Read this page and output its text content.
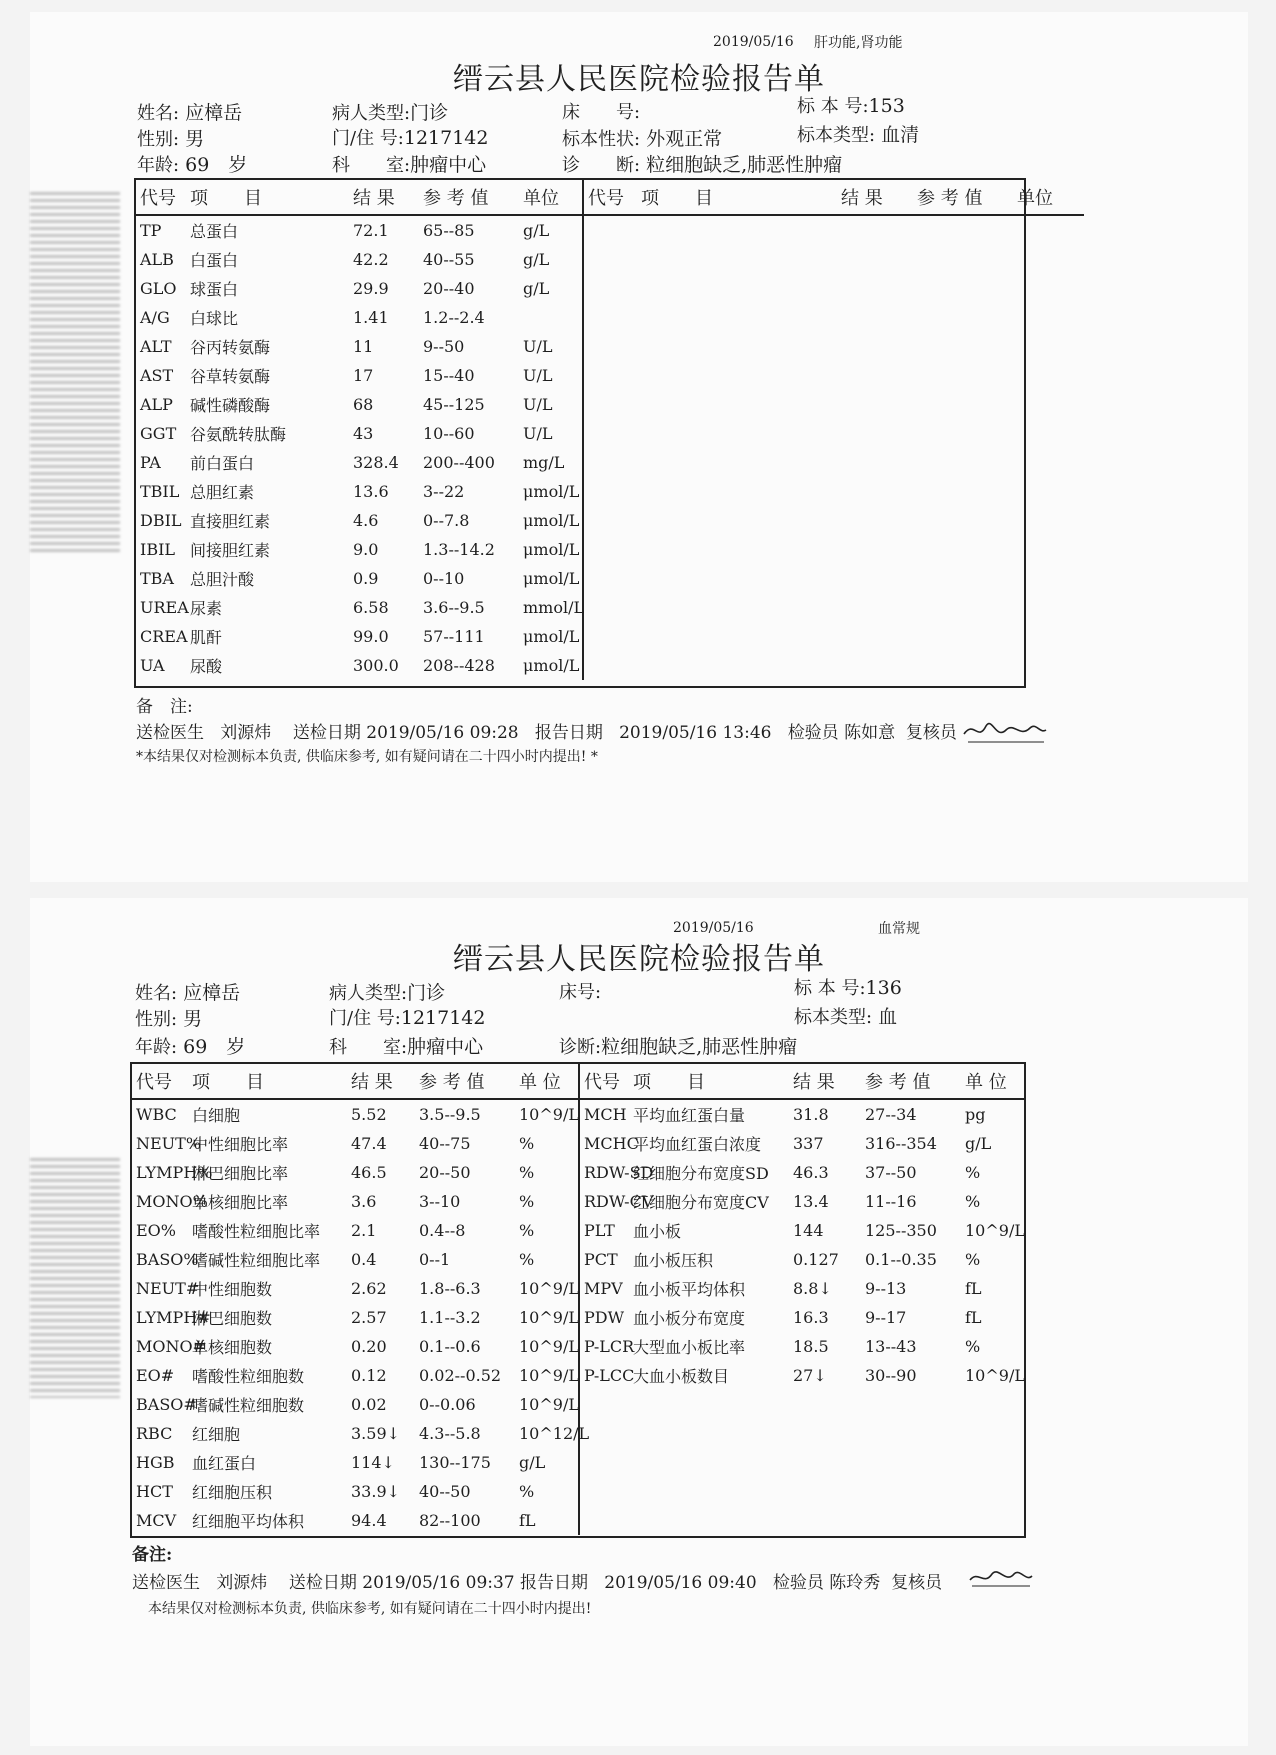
2019/05/16 肝功能,肾功能
缙云县人民医院检验报告单
姓名: 应樟岳	病人类型:门诊	床　　号:	标 本 号:153
性别: 男	门/住 号:1217142	标本性状: 外观正常	标本类型: 血清
年龄: 69　岁	科　　室:肿瘤中心	诊　　断: 粒细胞缺乏,肺恶性肿瘤
代号	项　　目	结 果	参 考 值	单位	代号	项　　目	结 果	参 考 值	单位
TP	总蛋白	72.1	65--85	g/L					
ALB	白蛋白	42.2	40--55	g/L					
GLO	球蛋白	29.9	20--40	g/L					
A/G	白球比	1.41	1.2--2.4						
ALT	谷丙转氨酶	11	9--50	U/L					
AST	谷草转氨酶	17	15--40	U/L					
ALP	碱性磷酸酶	68	45--125	U/L					
GGT	谷氨酰转肽酶	43	10--60	U/L					
PA	前白蛋白	328.4	200--400	mg/L					
TBIL	总胆红素	13.6	3--22	μmol/L					
DBIL	直接胆红素	4.6	0--7.8	μmol/L					
IBIL	间接胆红素	9.0	1.3--14.2	μmol/L					
TBA	总胆汁酸	0.9	0--10	μmol/L					
UREA	尿素	6.58	3.6--9.5	mmol/L					
CREA	肌酐	99.0	57--111	μmol/L					
UA	尿酸	300.0	208--428	μmol/L					
备　注:
送检医生 刘源炜 送检日期 2019/05/16 09:28 报告日期 2019/05/16 13:46 检验员 陈如意 复核员
*本结果仅对检测标本负责, 供临床参考, 如有疑问请在二十四小时内提出! *
2019/05/16	血常规
缙云县人民医院检验报告单
姓名: 应樟岳	病人类型:门诊	床号:	标 本 号:136
性别: 男	门/住 号:1217142	标本类型: 血
年龄: 69　岁	科　　室:肿瘤中心	诊断:粒细胞缺乏,肺恶性肿瘤
代号	项　　目	结 果	参 考 值	单 位	代号	项　　目	结 果	参 考 值	单 位
WBC	白细胞	5.52	3.5--9.5	10^9/L	MCH	平均血红蛋白量	31.8	27--34	pg
NEUT%	中性细胞比率	47.4	40--75	%	MCHC	平均血红蛋白浓度	337	316--354	g/L
LYMPH%	淋巴细胞比率	46.5	20--50	%	RDW-SD	红细胞分布宽度SD	46.3	37--50	%
MONO%	单核细胞比率	3.6	3--10	%	RDW-CV	红细胞分布宽度CV	13.4	11--16	%
EO%	嗜酸性粒细胞比率	2.1	0.4--8	%	PLT	血小板	144	125--350	10^9/L
BASO%	嗜碱性粒细胞比率	0.4	0--1	%	PCT	血小板压积	0.127	0.1--0.35	%
NEUT#	中性细胞数	2.62	1.8--6.3	10^9/L	MPV	血小板平均体积	8.8↓	9--13	fL
LYMPH#	淋巴细胞数	2.57	1.1--3.2	10^9/L	PDW	血小板分布宽度	16.3	9--17	fL
MONO#	单核细胞数	0.20	0.1--0.6	10^9/L	P-LCR	大型血小板比率	18.5	13--43	%
EO#	嗜酸性粒细胞数	0.12	0.02--0.52	10^9/L	P-LCC	大血小板数目	27↓	30--90	10^9/L
BASO#	嗜碱性粒细胞数	0.02	0--0.06	10^9/L					
RBC	红细胞	3.59↓	4.3--5.8	10^12/L					
HGB	血红蛋白	114↓	130--175	g/L					
HCT	红细胞压积	33.9↓	40--50	%					
MCV	红细胞平均体积	94.4	82--100	fL					
备注:
送检医生 刘源炜 送检日期 2019/05/16 09:37 报告日期 2019/05/16 09:40 检验员 陈玲秀 复核员
本结果仅对检测标本负责, 供临床参考, 如有疑问请在二十四小时内提出!
